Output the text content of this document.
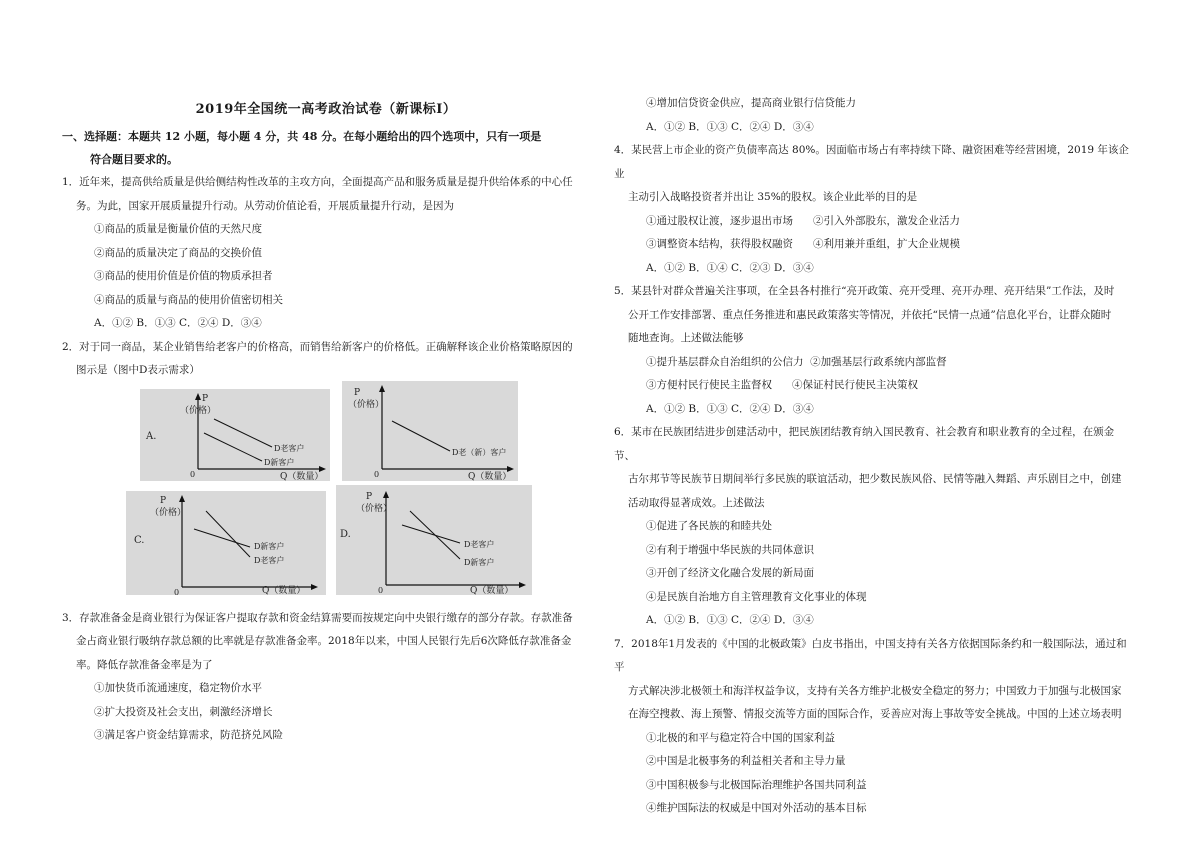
2019年全国统一高考政治试卷（新课标Ⅰ）
一、选择题：本题共 12 小题，每小题 4 分，共 48 分。在每小题给出的四个选项中，只有一项是
符合题目要求的。
1．近年来，提高供给质量是供给侧结构性改革的主攻方向，全面提高产品和服务质量是提升供给体系的中心任
务。为此，国家开展质量提升行动。从劳动价值论看，开展质量提升行动，是因为
①商品的质量是衡量价值的天然尺度
②商品的质量决定了商品的交换价值
③商品的使用价值是价值的物质承担者
④商品的质量与商品的使用价值密切相关
A．①② B．①③ C．②④ D．③④
2．对于同一商品，某企业销售给老客户的价格高，而销售给新客户的价格低。正确解释该企业价格策略原因的
图示是（图中D表示需求）
P
（价格）
0	Q（数量）
A.
D老客户
D新客户
P
（价格）
0	Q（数量）
D老（新）客户
P
（价格）
0	Q（数量）
C.
D新客户
D老客户
P
（价格）
0	Q（数量）
D.
D老客户
D新客户
3．存款准备金是商业银行为保证客户提取存款和资金结算需要而按规定向中央银行缴存的部分存款。存款准备
金占商业银行吸纳存款总额的比率就是存款准备金率。2018年以来，中国人民银行先后6次降低存款准备金
率。降低存款准备金率是为了
①加快货币流通速度，稳定物价水平
②扩大投资及社会支出，刺激经济增长
③满足客户资金结算需求，防范挤兑风险
④增加信贷资金供应，提高商业银行信贷能力
A．①② B．①③ C．②④ D．③④
4．某民营上市企业的资产负债率高达 80%。因面临市场占有率持续下降、融资困难等经营困境，2019 年该企业
主动引入战略投资者并出让 35%的股权。该企业此举的目的是
①通过股权让渡，逐步退出市场      ②引入外部股东，激发企业活力
③调整资本结构，获得股权融资      ④利用兼并重组，扩大企业规模
A．①② B．①④ C．②③ D．③④
5．某县针对群众普遍关注事项，在全县各村推行“亮开政策、亮开受理、亮开办理、亮开结果”工作法，及时
公开工作安排部署、重点任务推进和惠民政策落实等情况，并依托“民情一点通”信息化平台，让群众随时
随地查询。上述做法能够
①提升基层群众自治组织的公信力  ②加强基层行政系统内部监督
③方便村民行使民主监督权      ④保证村民行使民主决策权
A．①② B．①③ C．②④ D．③④
6．某市在民族团结进步创建活动中，把民族团结教育纳入国民教育、社会教育和职业教育的全过程，在颁金节、
古尔邦节等民族节日期间举行多民族的联谊活动，把少数民族风俗、民情等融入舞蹈、声乐剧目之中，创建
活动取得显著成效。上述做法
①促进了各民族的和睦共处
②有利于增强中华民族的共同体意识
③开创了经济文化融合发展的新局面
④是民族自治地方自主管理教育文化事业的体现
A．①② B．①③ C．②④ D．③④
7．2018年1月发表的《中国的北极政策》白皮书指出，中国支持有关各方依据国际条约和一般国际法，通过和平
方式解决涉北极领土和海洋权益争议，支持有关各方维护北极安全稳定的努力；中国致力于加强与北极国家
在海空搜救、海上预警、情报交流等方面的国际合作，妥善应对海上事故等安全挑战。中国的上述立场表明
①北极的和平与稳定符合中国的国家利益
②中国是北极事务的利益相关者和主导力量
③中国积极参与北极国际治理维护各国共同利益
④维护国际法的权威是中国对外活动的基本目标
